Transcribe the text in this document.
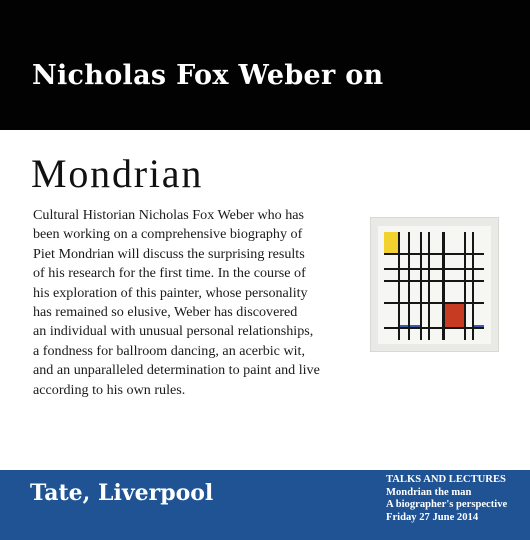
Nicholas Fox Weber on
Mondrian

Cultural Historian Nicholas Fox Weber who has
been working on a comprehensive biography of
Piet Mondrian will discuss the surprising results
of his research for the first time. In the course of
his exploration of this painter, whose personality
has remained so elusive, Weber has discovered
an individual with unusual personal relationships,
a fondness for ballroom dancing, an acerbic wit,
and an unparalleled determination to paint and live
according to his own rules.

Tate, Liverpool
TALKS AND LECTURES
Mondrian the man
A biographer's perspective
Friday 27 June 2014
